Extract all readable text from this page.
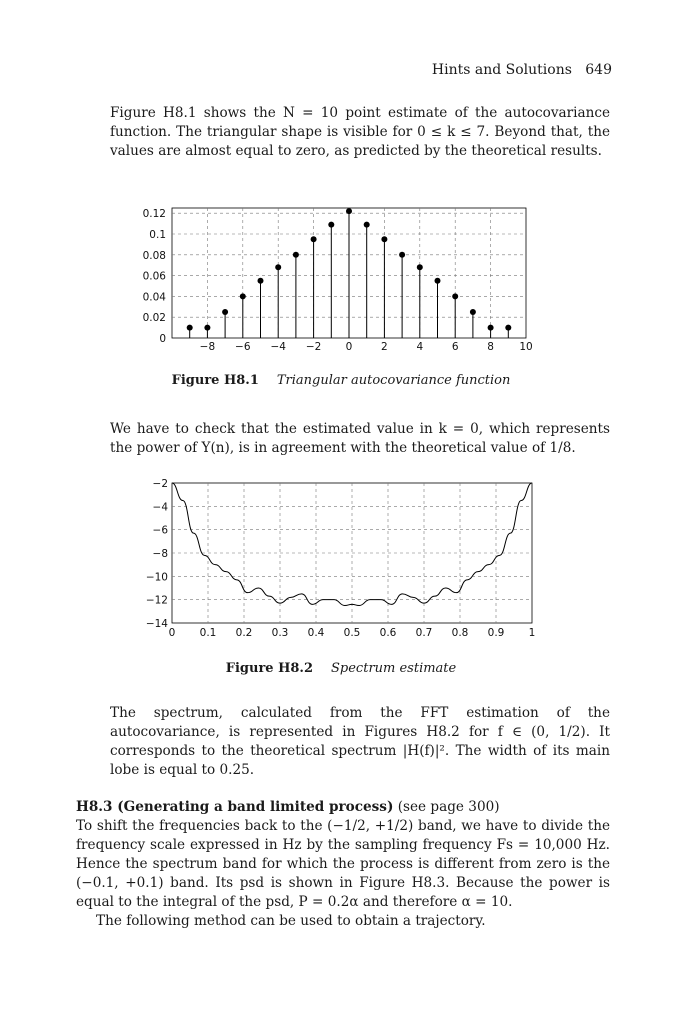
Hints and Solutions 649
Figure H8.1 shows the N = 10 point estimate of the autocovariance function. The triangular shape is visible for 0 ≤ k ≤ 7. Beyond that, the values are almost equal to zero, as predicted by the theoretical results.
0
0.02
0.04
0.06
0.08
0.1
0.12
−8 −6 −4 −2 0	2	4	6	8 10
Figure H8.1 Triangular autocovariance function
We have to check that the estimated value in k = 0, which represents the power of Y(n), is in agreement with the theoretical value of 1/8.
−2
−4
−6
−8
−10
−12
−14
0 0.1 0.2 0.3 0.4 0.5 0.6 0.7 0.8 0.9 1
Figure H8.2 Spectrum estimate
The spectrum, calculated from the FFT estimation of the autocovariance, is represented in Figures H8.2 for f ∈ (0, 1/2). It corresponds to the theoretical spectrum |H(f)|². The width of its main lobe is equal to 0.25.
H8.3 (Generating a band limited process) (see page 300)
To shift the frequencies back to the (−1/2, +1/2) band, we have to divide the frequency scale expressed in Hz by the sampling frequency Fs = 10,000 Hz. Hence the spectrum band for which the process is different from zero is the (−0.1, +0.1) band. Its psd is shown in Figure H8.3. Because the power is equal to the integral of the psd, P = 0.2α and therefore α = 10.
The following method can be used to obtain a trajectory.
